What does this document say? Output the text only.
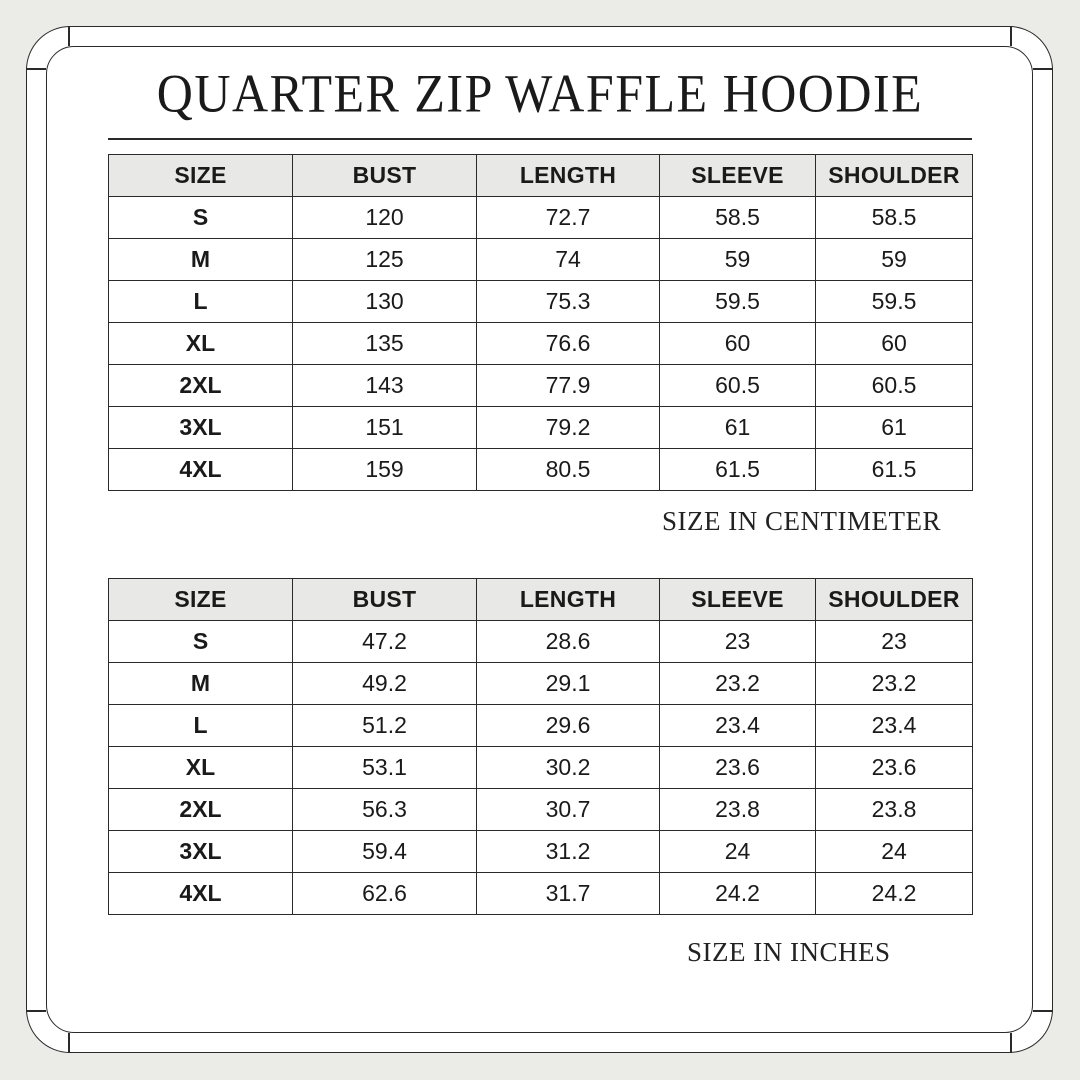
QUARTER ZIP WAFFLE HOODIE
SIZE	BUST	LENGTH	SLEEVE	SHOULDER
S	120	72.7	58.5	58.5
M	125	74	59	59
L	130	75.3	59.5	59.5
XL	135	76.6	60	60
2XL	143	77.9	60.5	60.5
3XL	151	79.2	61	61
4XL	159	80.5	61.5	61.5
SIZE IN CENTIMETER
SIZE	BUST	LENGTH	SLEEVE	SHOULDER
S	47.2	28.6	23	23
M	49.2	29.1	23.2	23.2
L	51.2	29.6	23.4	23.4
XL	53.1	30.2	23.6	23.6
2XL	56.3	30.7	23.8	23.8
3XL	59.4	31.2	24	24
4XL	62.6	31.7	24.2	24.2
SIZE IN INCHES
